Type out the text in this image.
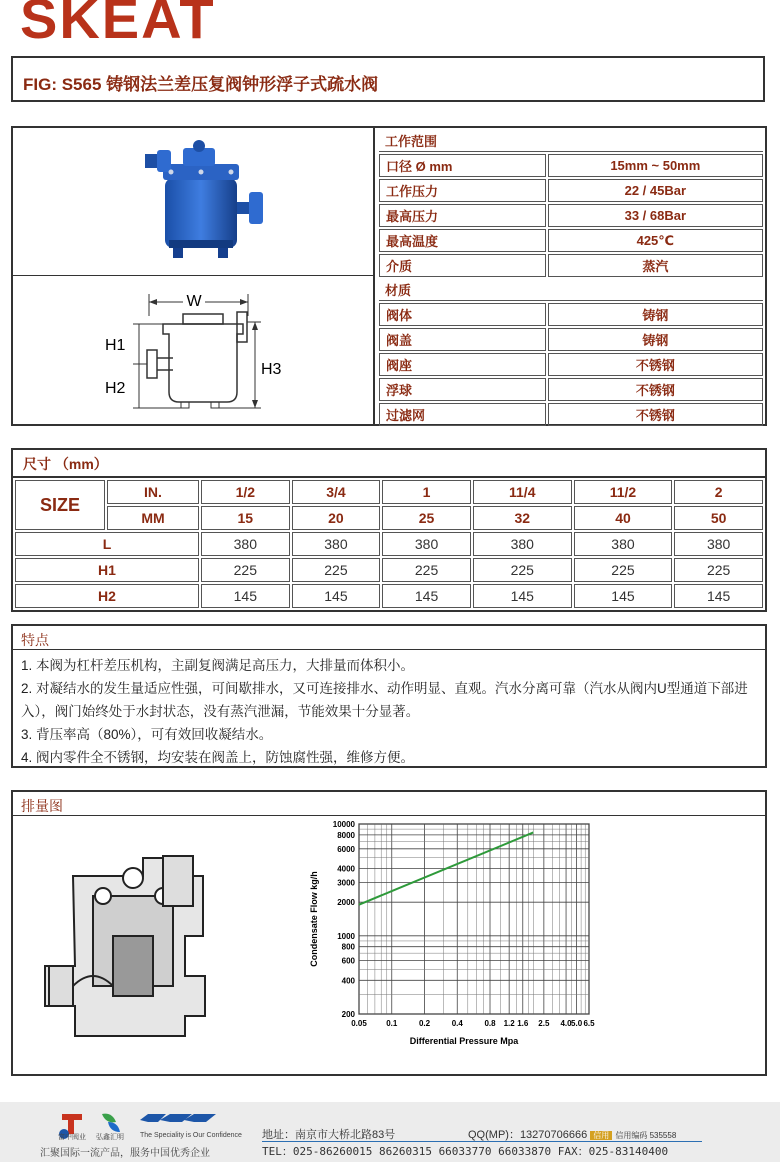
SKEAT
FIG: S565 铸钢法兰差压复阀钟形浮子式疏水阀
W
H1
H2
H3
工作范围	
口径 Ø mm	15mm ~ 50mm
工作压力	22 / 45Bar
最高压力	33 / 68Bar
最高温度	425℃
介质	蒸汽
材质	
阀体	铸钢
阀盖	铸钢
阀座	不锈钢
浮球	不锈钢
过滤网	不锈钢
尺寸 （mm）
SIZE	IN.	1/2	3/4	1	11/4	11/2	2
	MM	15	20	25	32	40	50
L		380	380	380	380	380	380
H1		225	225	225	225	225	225
H2		145	145	145	145	145	145
特点
1. 本阀为杠杆差压机构，主副复阀满足高压力，大排量而体积小。
2. 对凝结水的发生量适应性强，可间歇排水，又可连接排水、动作明显、直观。汽水分离可靠（汽水从阀内U型通道下部进入），阀门始终处于水封状态，没有蒸汽泄漏，节能效果十分显著。
3. 背压率高（80%），可有效回收凝结水。
4. 阀内零件全不锈钢，均安装在阀盖上，防蚀腐性强，维修方便。
排量图
0.05 0.1	0.2	0.4	0.8 1.2 1.6 2.5 4.0 5.0 6.5
10000
8000
6000
4000
3000
2000
1000
800
600
400
200
Differential Pressure Mpa
Condensate Flow kg/h
富中阀业 弘鑫汇明 The Speciality is Our Confidence 地址：南京市大桥北路83号	QQ(MP)：13270706666 信用 信用编码 535558
TEL：025-86260015 86260315 66033770 66033870 FAX：025-83140400
汇聚国际一流产品，服务中国优秀企业
